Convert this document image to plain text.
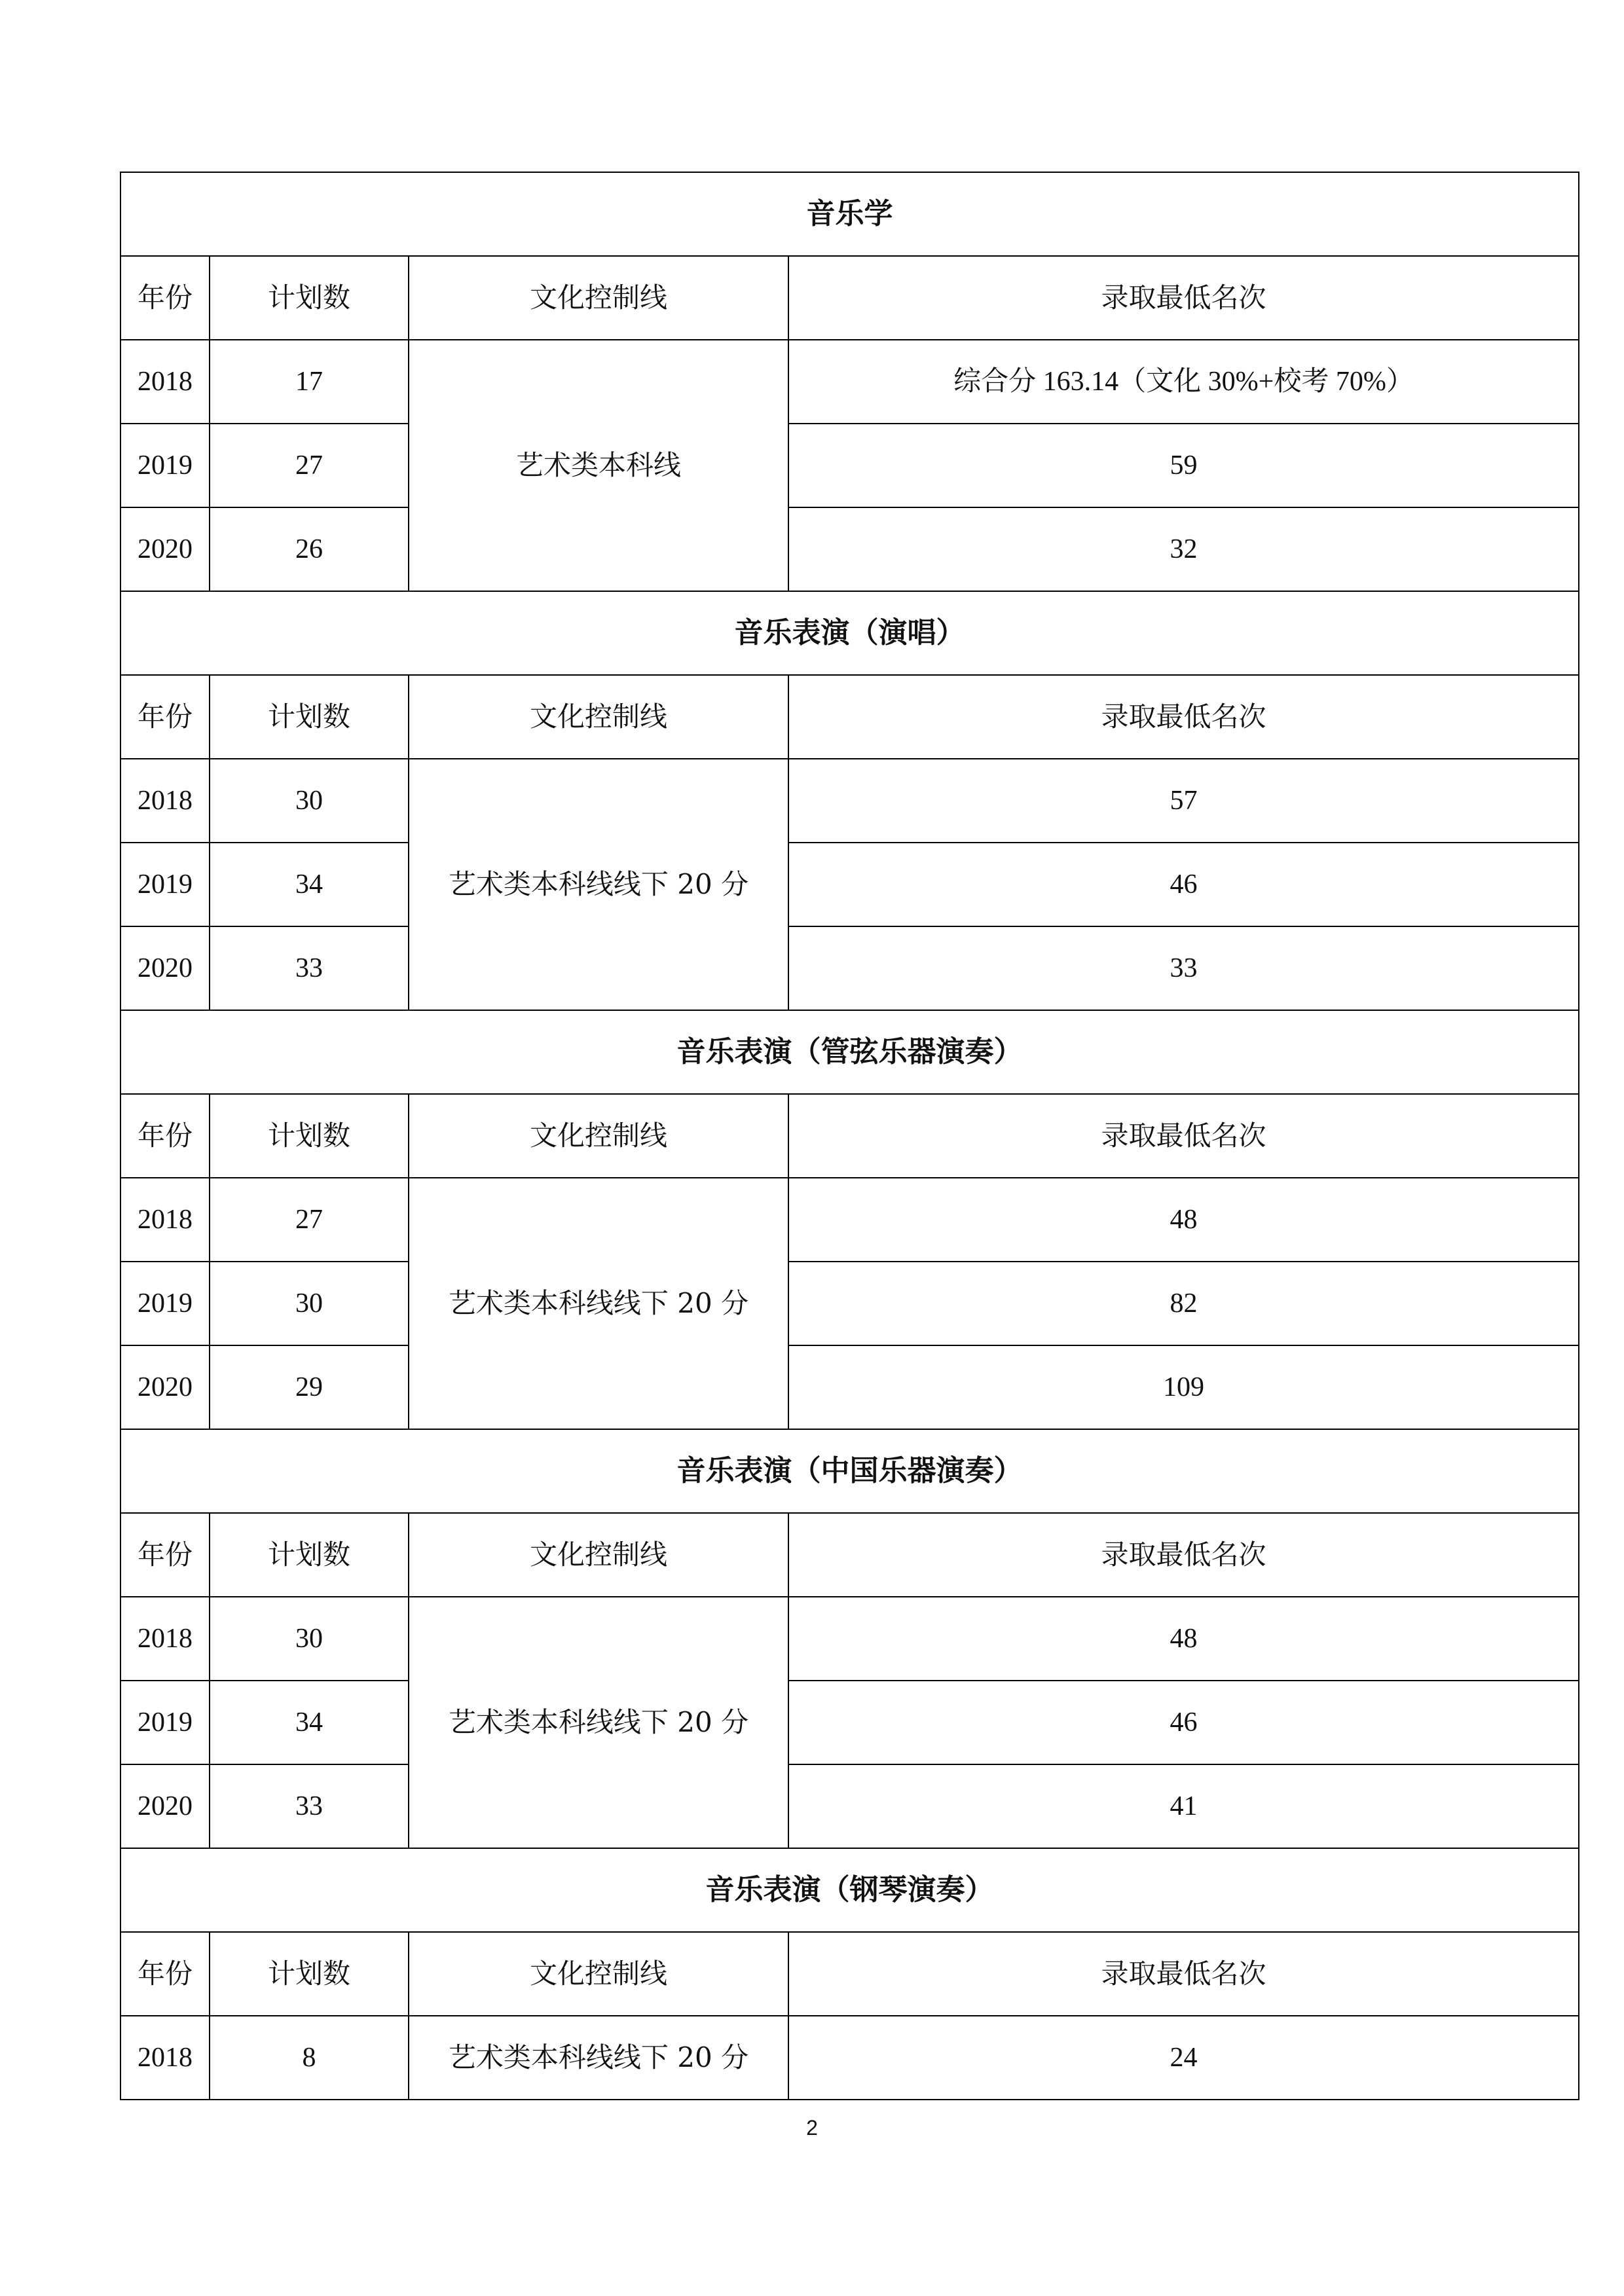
音乐学			
年份	计划数	文化控制线	录取最低名次
2018	17	艺术类本科线	综合分 163.14（文化 30%+校考 70%）
2019	27		59
2020	26		32
音乐表演（演唱）			
年份	计划数	文化控制线	录取最低名次
2018	30	艺术类本科线线下 20 分	57
2019	34		46
2020	33		33
音乐表演（管弦乐器演奏）			
年份	计划数	文化控制线	录取最低名次
2018	27	艺术类本科线线下 20 分	48
2019	30		82
2020	29		109
音乐表演（中国乐器演奏）			
年份	计划数	文化控制线	录取最低名次
2018	30	艺术类本科线线下 20 分	48
2019	34		46
2020	33		41
音乐表演（钢琴演奏）			
年份	计划数	文化控制线	录取最低名次
2018	8	艺术类本科线线下 20 分	24
2
